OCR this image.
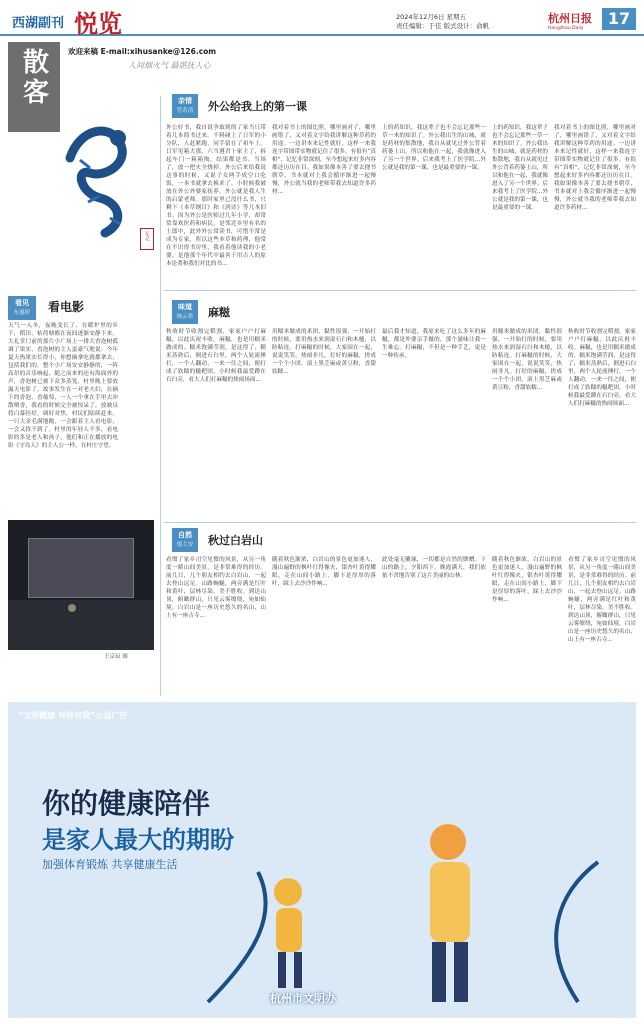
西湖副刊 悦览	2024年12月6日 星期五
责任编辑：于佳 版式设计：俞帆
杭州日报
Hangzhou Daily
17
散客	欢迎来稿 E-mail:xihusanke@126.com
人间烟火气 最堪抚人心
无灵
看见
东惠婷	看电影
天气一入冬，夜晚变长了。在暖炉里的乡下，稻田、枯荷塘都在夜间逐渐安静下来。大礼堂门前的那片小广场上一排大香泡树孤调了果实，香泡树的主人蛮豪气地说：今年夏天热果实长得小，你想摘拿吃就都拿去，包括我们的。整个小广场安安静静的，一阵高昂的音乐响起，随之而来的还有海面外的声，香泡树已被下众多蒸笼，村里晚上要放露天电影了。故事发生在一对老夫妇，在摘下的香泡、香葡萄，一人一个拿在手里去冲散喷香，我看的时候完全被惊呆了。放映员将白幕挂好，调好对焦，村民们陆续赶来。一只大金毛满地跑，一会跟着主人看电影，一会又找不到了。村里的年轻人不多，看电影的多是老人和孩子，他们和正在播放的电影《守岛人》的主人公一样，在村庄守望。
王京辰 图
亲情
管若清	外公给我上的第一课
外公好书，我自说争取到的了家当只带着几本简书过来。不料碰上了日军的小分队，人赶紧跑，同手留在了祖车上。日军见箱大那，六当遵君十家主了，拆起车门一箱箱掏，结果都是书。当场了，放一把火全烧掉。外公后来给我说这事的时候，又说子女两手成空口吃饭，一本书就拿去换米了。小时候我被放在外公外婆家抚养，外公就是我人生的启蒙老师。那时家里已没什么书，只剩下《本草纲目》和《唐诗》等几本旧书。因为外公是医师过几年小学，却常常靠欢医药和病民，是邻近乡里有名的土郎中，此外外公常读书，可惜不常是成为专家，所以这些本草和药理，他常在不识得书房里，我看着他读我的小老婆，是他那个年代中最善于用古人的原本论著和我们对比的书...
我对着书上的图比照，哪里画对了，哪里画错了，又对着文字给我讲解这种草药的用途。一边讲本来记性就好，这样一来我连字带图带实物就记住了很多。有很有“真相”，记忆非常深刻，至今想起来好多内容都还历历在目。我如果像本善了要去挠书朝草，书本就对上我会循序渐进一起慢慢，外公就当我的老师带我去知道许多药材...
上的药知识，我这辈子也不会忘记那些一草一木的知识了。外公我出生的山城，就是药材的集散地，我自从就见过外公背着药篓上山，所以和他在一起，我就像进入了另一个世界。后来我考上了医学院...外公就是我的第一课，也是最重要的一课。
上的药知识，我这辈子也不会忘记那些一草一木的知识了。外公我出生的山城，就是药材的集散地，我自从就见过外公背着药篓上山，所以和他在一起，我就像进入了另一个世界。后来我考上了医学院...外公就是我的第一课，也是最重要的一课。
我对着书上的图比照，哪里画对了，哪里画错了，又对着文字给我讲解这种草药的用途。一边讲本来记性就好，这样一来我连字带图带实物就记住了很多。有很有“真相”，记忆非常深刻，至今想起来好多内容都还历历在目。我如果像本善了要去挠书朝草，书本就对上我会循序渐进一起慢慢，外公就当我的老师带我去知道许多药材...
味道
杨云希	麻糍
秋收时节收割完稻割，家家户户打麻糍，以此庆祝丰收。麻糍，也是用糯米做成的。糯米饱满莹润，是这得了，糯米蒸熟后，倒进石臼里，两个人轮流捶打，一个人翻动，一来一往之间，便打成了软糯的糍粑团。小时候我最爱蹲在石臼旁，看大人们打麻糍的热闹场面...
用糯米做成的米团，黏性很强，一开始打的时候，要用热水来润湿石臼和木槌，以防粘连。打麻糍的时候，大家围在一起，说说笑笑，热闹非凡。打好的麻糍，搓成一个个小团，滚上黑芝麻或黄豆粉，香甜软糯...
最后我才知道，我原来吃了这么多年的麻糍，都是外婆亲手做的，那个滋味让我一生难忘。打麻糍，不但是一种手艺，更是一种传承。
用糯米做成的米团，黏性很强，一开始打的时候，要用热水来润湿石臼和木槌，以防粘连。打麻糍的时候，大家围在一起，说说笑笑，热闹非凡。打好的麻糍，搓成一个个小团，滚上黑芝麻或黄豆粉，香甜软糯...
秋收时节收割完稻割，家家户户打麻糍，以此庆祝丰收。麻糍，也是用糯米做成的。糯米饱满莹润，是这得了，糯米蒸熟后，倒进石臼里，两个人轮流捶打，一个人翻动，一来一往之间，便打成了软糯的糍粑团。小时候我最爱蹲在石臼旁，看大人们打麻糍的热闹场面...
自然
郁主安	秋过白岩山
看惯了家乡司空见惯的风景，从另一角度一睹山间美景，是非常难得的经历。前几日，几个朋友相约去白岩山，一起去登山远足。山路蜿蜒，两旁满是红叶和黄叶，层林尽染，美不胜收。到达山顶，俯瞰群山，只见云雾缭绕，宛如仙境。白岩山是一座历史悠久的名山，山上有一座古寺...
随着秋色渐浓，白岩山的景色更加迷人，漫山遍野的枫叶红得像火，银杏叶黄得耀眼，走在山间小路上，脚下是厚厚的落叶，踩上去沙沙作响...
此处毫无雕琢，一切都是自然的馈赠。下山的路上，夕阳西下，晚霞满天，我们依依不舍地告别了这片美丽的山林。
随着秋色渐浓，白岩山的景色更加迷人，漫山遍野的枫叶红得像火，银杏叶黄得耀眼，走在山间小路上，脚下是厚厚的落叶，踩上去沙沙作响...
看惯了家乡司空见惯的风景，从另一角度一睹山间美景，是非常难得的经历。前几日，几个朋友相约去白岩山，一起去登山远足。山路蜿蜒，两旁满是红叶和黄叶，层林尽染，美不胜收。到达山顶，俯瞰群山，只见云雾缭绕，宛如仙境。白岩山是一座历史悠久的名山，山上有一座古寺...
“文明健康 有你有我”公益广告
你的健康陪伴
是家人最大的期盼
加强体育锻炼 共享健康生活
杭州市文明办
